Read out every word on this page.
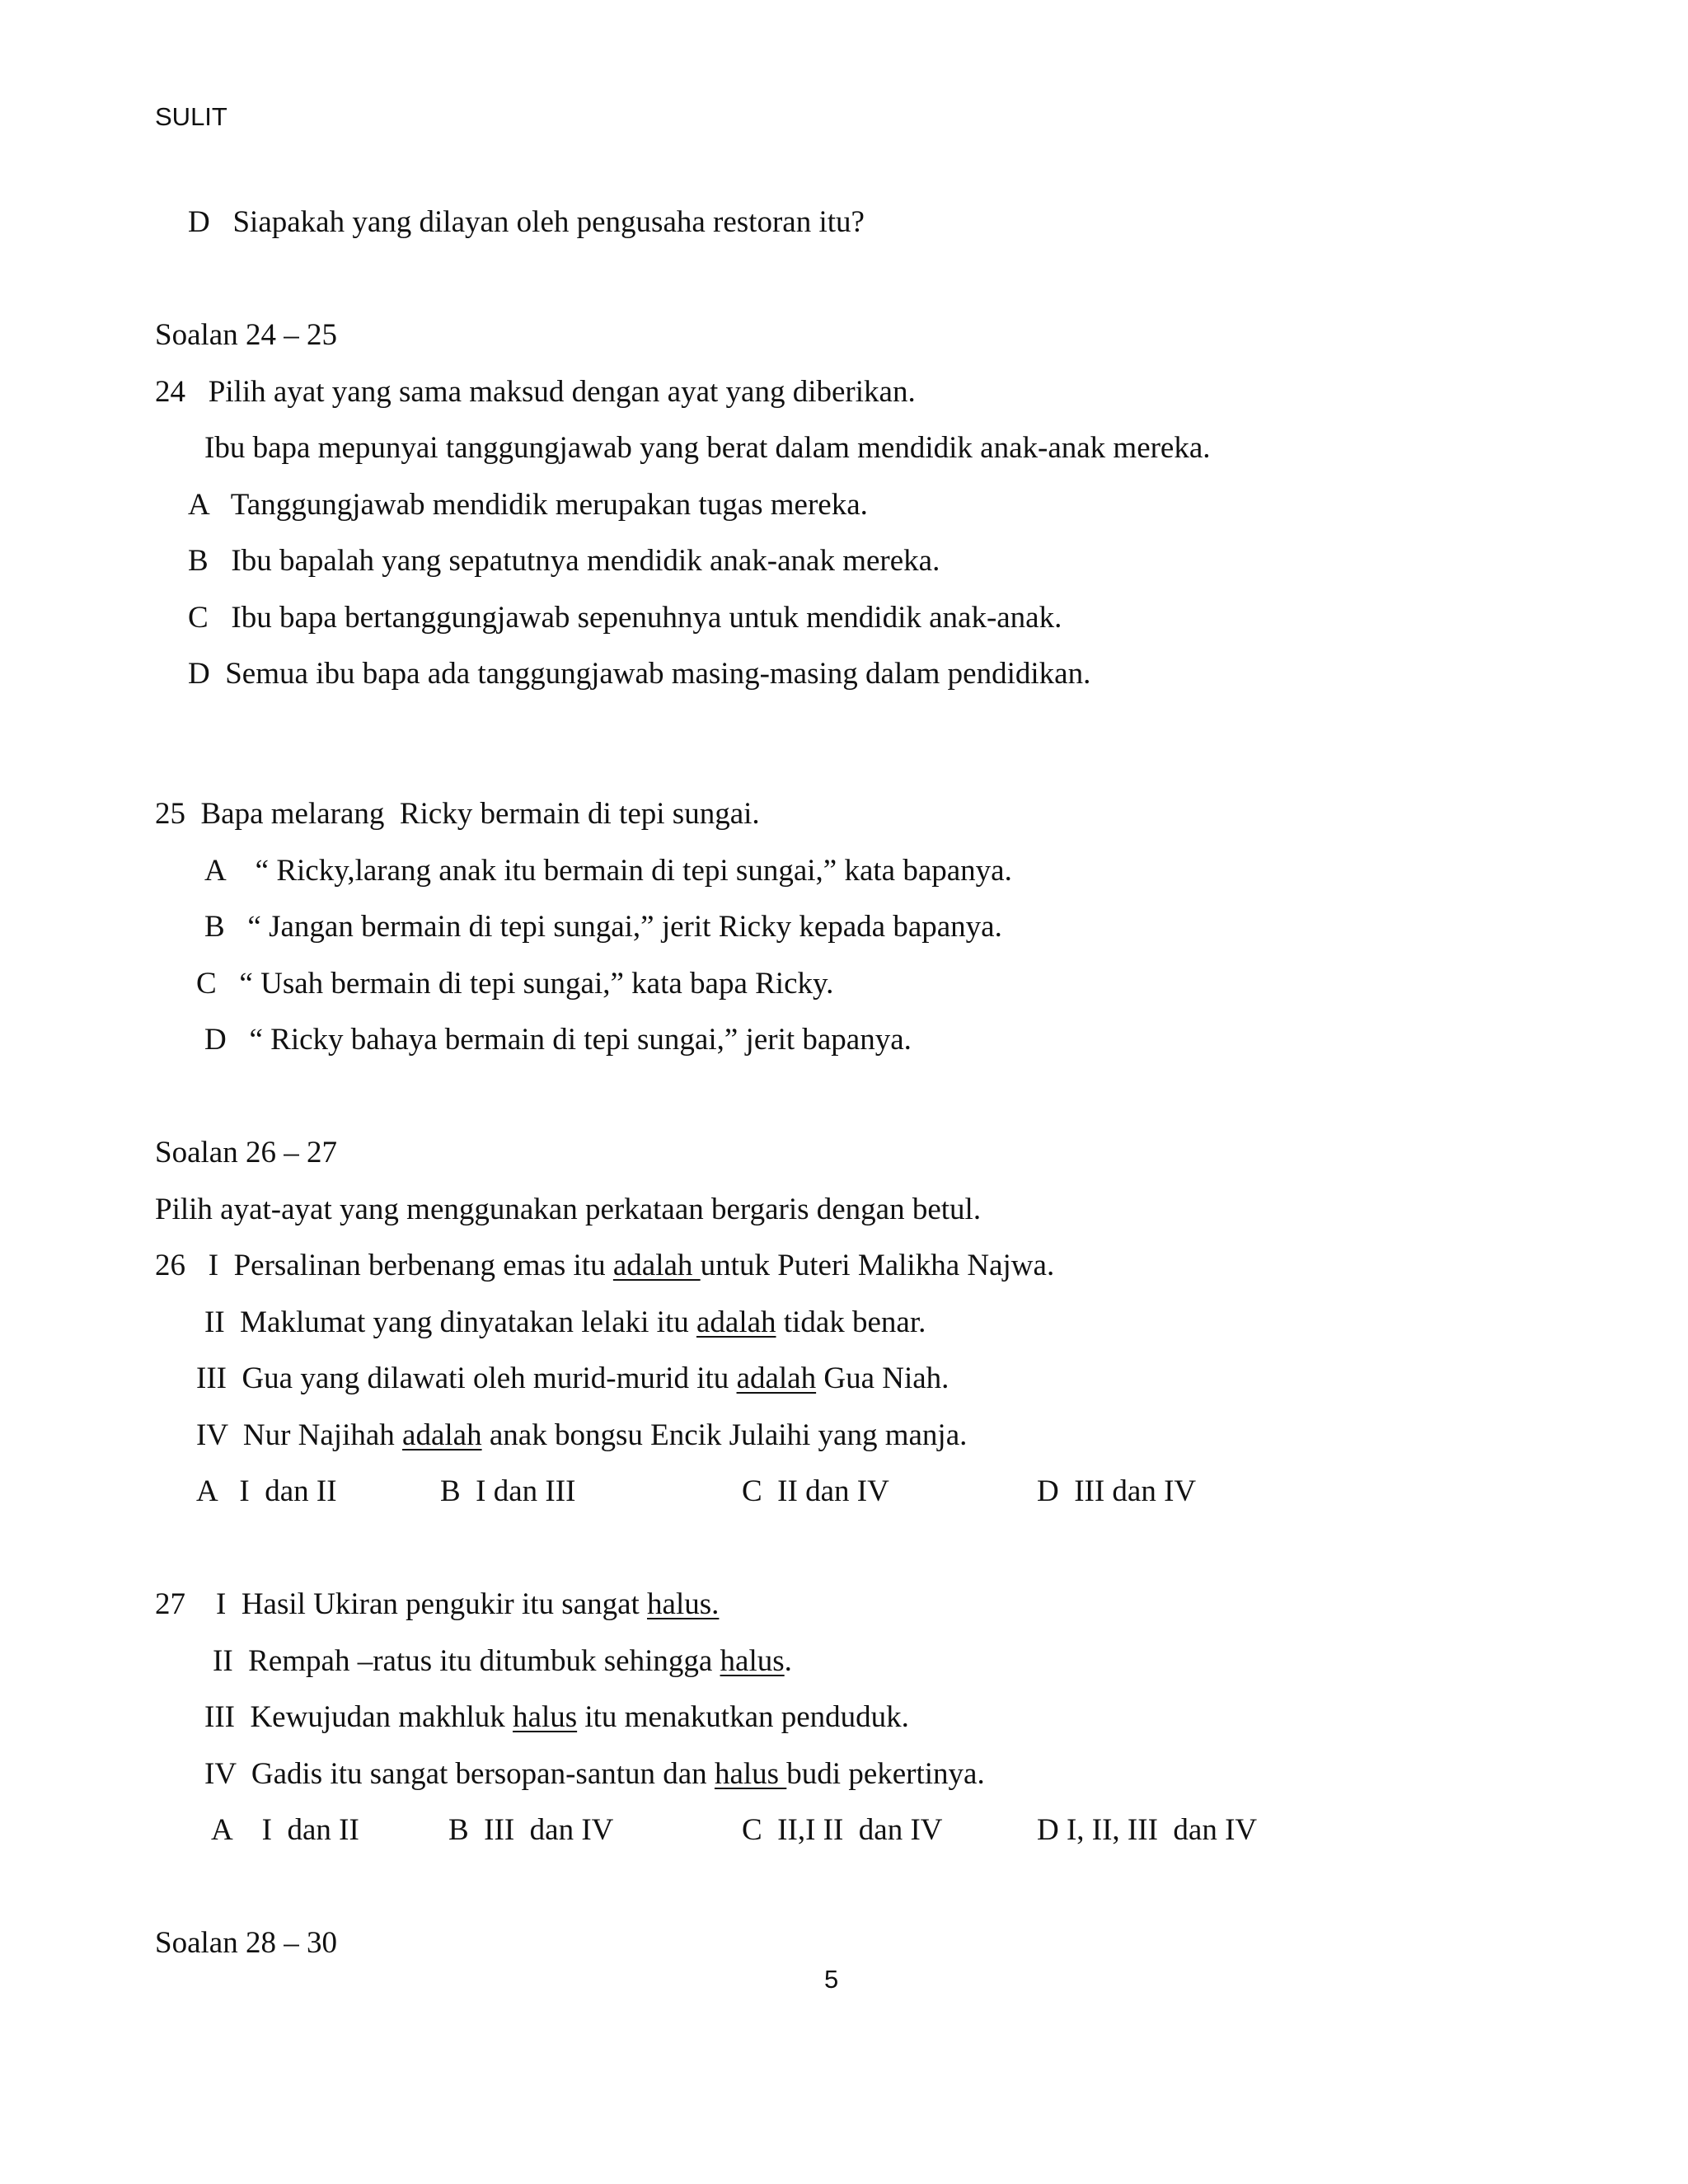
SULIT
D   Siapakah yang dilayan oleh pengusaha restoran itu?
Soalan 24 – 25
24   Pilih ayat yang sama maksud dengan ayat yang diberikan.
Ibu bapa mepunyai tanggungjawab yang berat dalam mendidik anak-anak mereka.
A   Tanggungjawab mendidik merupakan tugas mereka.
B   Ibu bapalah yang sepatutnya mendidik anak-anak mereka.
C   Ibu bapa bertanggungjawab sepenuhnya untuk mendidik anak-anak.
D  Semua ibu bapa ada tanggungjawab masing-masing dalam pendidikan.
25  Bapa melarang  Ricky bermain di tepi sungai.
A    “ Ricky,larang anak itu bermain di tepi sungai,” kata bapanya.
B   “ Jangan bermain di tepi sungai,” jerit Ricky kepada bapanya.
C   “ Usah bermain di tepi sungai,” kata bapa Ricky.
D   “ Ricky bahaya bermain di tepi sungai,” jerit bapanya.
Soalan 26 – 27
Pilih ayat-ayat yang menggunakan perkataan bergaris dengan betul.
26   I  Persalinan berbenang emas itu adalah untuk Puteri Malikha Najwa.
II  Maklumat yang dinyatakan lelaki itu adalah tidak benar.
III  Gua yang dilawati oleh murid-murid itu adalah Gua Niah.
IV  Nur Najihah adalah anak bongsu Encik Julaihi yang manja.
A   I  dan II	B  I dan III	C  II dan IV	D  III dan IV
27    I  Hasil Ukiran pengukir itu sangat halus.
II  Rempah –ratus itu ditumbuk sehingga halus.
III  Kewujudan makhluk halus itu menakutkan penduduk.
IV  Gadis itu sangat bersopan-santun dan halus budi pekertinya.
A    I  dan II	B  III  dan IV	C  II,I II  dan IV	D I, II, III  dan IV
Soalan 28 – 30
5
